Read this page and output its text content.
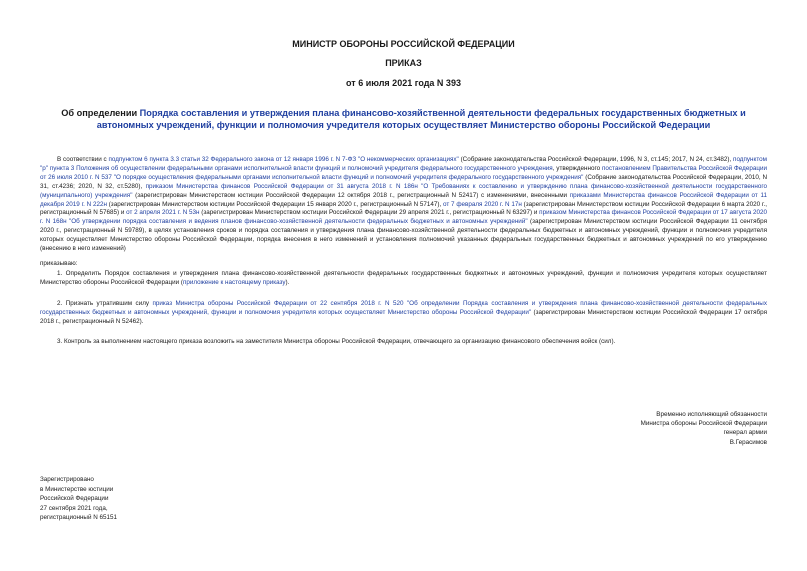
МИНИСТР ОБОРОНЫ РОССИЙСКОЙ ФЕДЕРАЦИИ
ПРИКАЗ
от 6 июля 2021 года N 393
Об определении Порядка составления и утверждения плана финансово-хозяйственной деятельности федеральных государственных бюджетных и автономных учреждений, функции и полномочия учредителя которых осуществляет Министерство обороны Российской Федерации
В соответствии с подпунктом 6 пункта 3.3 статьи 32 Федерального закона от 12 января 1996 г. N 7-ФЗ "О некоммерческих организациях" (Собрание законодательства Российской Федерации, 1996, N 3, ст.145; 2017, N 24, ст.3482), подпунктом "р" пункта 3 Положения об осуществлении федеральными органами исполнительной власти функций и полномочий учредителя федерального государственного учреждения, утвержденного постановлением Правительства Российской Федерации от 26 июля 2010 г. N 537 "О порядке осуществления федеральными органами исполнительной власти функций и полномочий учредителя федерального государственного учреждения" (Собрание законодательства Российской Федерации, 2010, N 31, ст.4236; 2020, N 32, ст.5280), приказом Министерства финансов Российской Федерации от 31 августа 2018 г. N 186н "О Требованиях к составлению и утверждению плана финансово-хозяйственной деятельности государственного (муниципального) учреждения" (зарегистрирован Министерством юстиции Российской Федерации 12 октября 2018 г., регистрационный N 52417) с изменениями, внесенными приказами Министерства финансов Российской Федерации от 11 декабря 2019 г. N 222н (зарегистрирован Министерством юстиции Российской Федерации 15 января 2020 г., регистрационный N 57147), от 7 февраля 2020 г. N 17н (зарегистрирован Министерством юстиции Российской Федерации 6 марта 2020 г., регистрационный N 57685) и от 2 апреля 2021 г. N 53н (зарегистрирован Министерством юстиции Российской Федерации 29 апреля 2021 г., регистрационный N 63297) и приказом Министерства финансов Российской Федерации от 17 августа 2020 г. N 168н "Об утверждении порядка составления и ведения планов финансово-хозяйственной деятельности федеральных бюджетных и автономных учреждений" (зарегистрирован Министерством юстиции Российской Федерации 11 сентября 2020 г., регистрационный N 59789), в целях установления сроков и порядка составления и утверждения плана финансово-хозяйственной деятельности федеральных бюджетных и автономных учреждений, функции и полномочия учредителя которых осуществляет Министерство обороны Российской Федерации, порядка внесения в него изменений и установления полномочий указанных федеральных государственных бюджетных и автономных учреждений по его утверждению (внесению в него изменений)
приказываю:
1. Определить Порядок составления и утверждения плана финансово-хозяйственной деятельности федеральных государственных бюджетных и автономных учреждений, функции и полномочия учредителя которых осуществляет Министерство обороны Российской Федерации (приложение к настоящему приказу).
2. Признать утратившим силу приказ Министра обороны Российской Федерации от 22 сентября 2018 г. N 520 "Об определении Порядка составления и утверждения плана финансово-хозяйственной деятельности федеральных государственных бюджетных и автономных учреждений, функции и полномочия учредителя которых осуществляет Министерство обороны Российской Федерации" (зарегистрирован Министерством юстиции Российской Федерации 17 октября 2018 г., регистрационный N 52462).
3. Контроль за выполнением настоящего приказа возложить на заместителя Министра обороны Российской Федерации, отвечающего за организацию финансового обеспечения войск (сил).
Временно исполняющий обязанности
Министра обороны Российской Федерации
генерал армии
В.Герасимов
Зарегистрировано
в Министерстве юстиции
Российской Федерации
27 сентября 2021 года,
регистрационный N 65151
